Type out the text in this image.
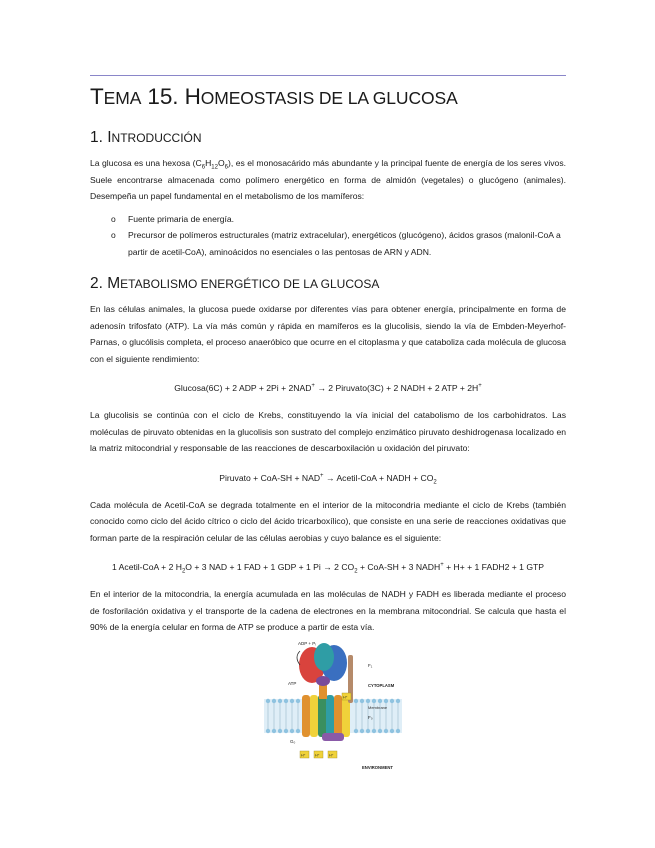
TEMA 15. HOMEOSTASIS DE LA GLUCOSA
1. INTRODUCCIÓN

La glucosa es una hexosa $(C_6H_{12}O_6)$, es el monosacárido más abundante y la principal fuente de energía de los seres vivos. Suele encontrarse almacenada como polímero energético en forma de almidón (vegetales) o glucógeno (animales). Desempeña un papel fundamental en el metabolismo de los mamíferos:

o Fuente primaria de energía.
o Precursor de polímeros estructurales (matriz extracelular), energéticos (glucógeno), ácidos grasos (malonil-CoA a partir de acetil-CoA), aminoácidos no esenciales o las pentosas de ARN y ADN.
2. METABOLISMO ENERGÉTICO DE LA GLUCOSA

En las células animales, la glucosa puede oxidarse por diferentes vías para obtener energía, principalmente en forma de adenosín trifosfato (ATP). La vía más común y rápida en mamíferos es la glucolisis, siendo la vía de Embden-Meyerhof-Parnas, o glucólisis completa, el proceso anaeróbico que ocurre en el citoplasma y que cataboliza cada molécula de glucosa con el siguiente rendimiento:

Glucosa(6C) + 2 ADP + 2Pi + 2NAD+ → 2 Piruvato(3C) + 2 NADH + 2 ATP + 2H+

La glucolisis se continúa con el ciclo de Krebs, constituyendo la vía inicial del catabolismo de los carbohidratos. Las moléculas de piruvato obtenidas en la glucolisis son sustrato del complejo enzimático piruvato deshidrogenasa localizado en la matriz mitocondrial y responsable de las reacciones de descarboxilación u oxidación del piruvato:

Piruvato + CoA-SH + NAD+ → Acetil-CoA + NADH + $CO_2$

Cada molécula de Acetil-CoA se degrada totalmente en el interior de la mitocondria mediante el ciclo de Krebs (también conocido como ciclo del ácido cítrico o ciclo del ácido tricarboxílico), que consiste en una serie de reacciones oxidativas que forman parte de la respiración celular de las células aerobias y cuyo balance es el siguiente:

1 Acetil-CoA + 2 $H_2O + 3$ NAD + 1 FAD + 1 GDP + 1 Pi → 2 $CO_2 + CoA-SH + 3$ NADH+ + H+ + 1 FADH2 + 1 GTP

En el interior de la mitocondria, la energía acumulada en las moléculas de NADH y FADH es liberada mediante el proceso de fosforilación oxidativa y el transporte de la cadena de electrones en la membrana mitocondrial. Se calcula que hasta el 90% de la energía celular en forma de ATP se produce a partir de esta vía.

ADP + Pᵢ
ATP
F₁
F₀
G₀
CYTOPLASM
Membrane
ENVIRONMENT
H⁺
H⁺	H⁺	H⁺
